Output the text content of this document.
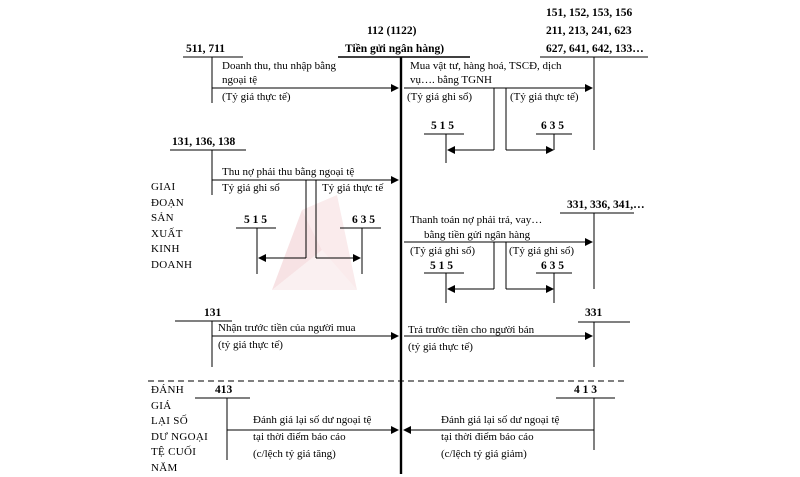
112 (1122)
Tiền gửi ngân hàng)
151, 152, 153, 156
211, 213, 241, 623
627, 641, 642, 133…
511, 711
131, 136, 138
331, 336, 341,…
131	331
413	4 1 3
Doanh thu, thu nhập bằng
ngoại tệ
(Tỷ giá thực tế)
Mua vật tư, hàng hoá, TSCĐ, dịch
vụ…. bằng TGNH
(Tỷ giá ghi sổ)	(Tỷ giá thực tế)
5 1 5	6 3 5
Thu nợ phải thu bằng ngoại tệ
Tỷ giá ghi sổ	Tỷ giá thực tế
5 1 5	6 3 5	Thanh toán nợ phải trả, vay…
bằng tiền gửi ngân hàng
(Tỷ giá ghi sổ)	(Tỷ giá ghi sổ)
5 1 5	6 3 5
GIAI
ĐOẠN
SẢN
XUẤT
KINH
DOANH
Nhận trước tiền của người mua
(tỷ giá thực tế)
Trả trước tiền cho người bán
(tỷ giá thực tế)
ĐÁNH
GIÁ
LẠI SỐ
DƯ NGOẠI
TỆ CUỐI
NĂM
Đánh giá lại số dư ngoại tệ
tại thời điểm báo cáo
(c/lệch tỷ giá tăng)
Đánh giá lại số dư ngoại tệ
tại thời điểm báo cáo
(c/lệch tỷ giá giảm)
